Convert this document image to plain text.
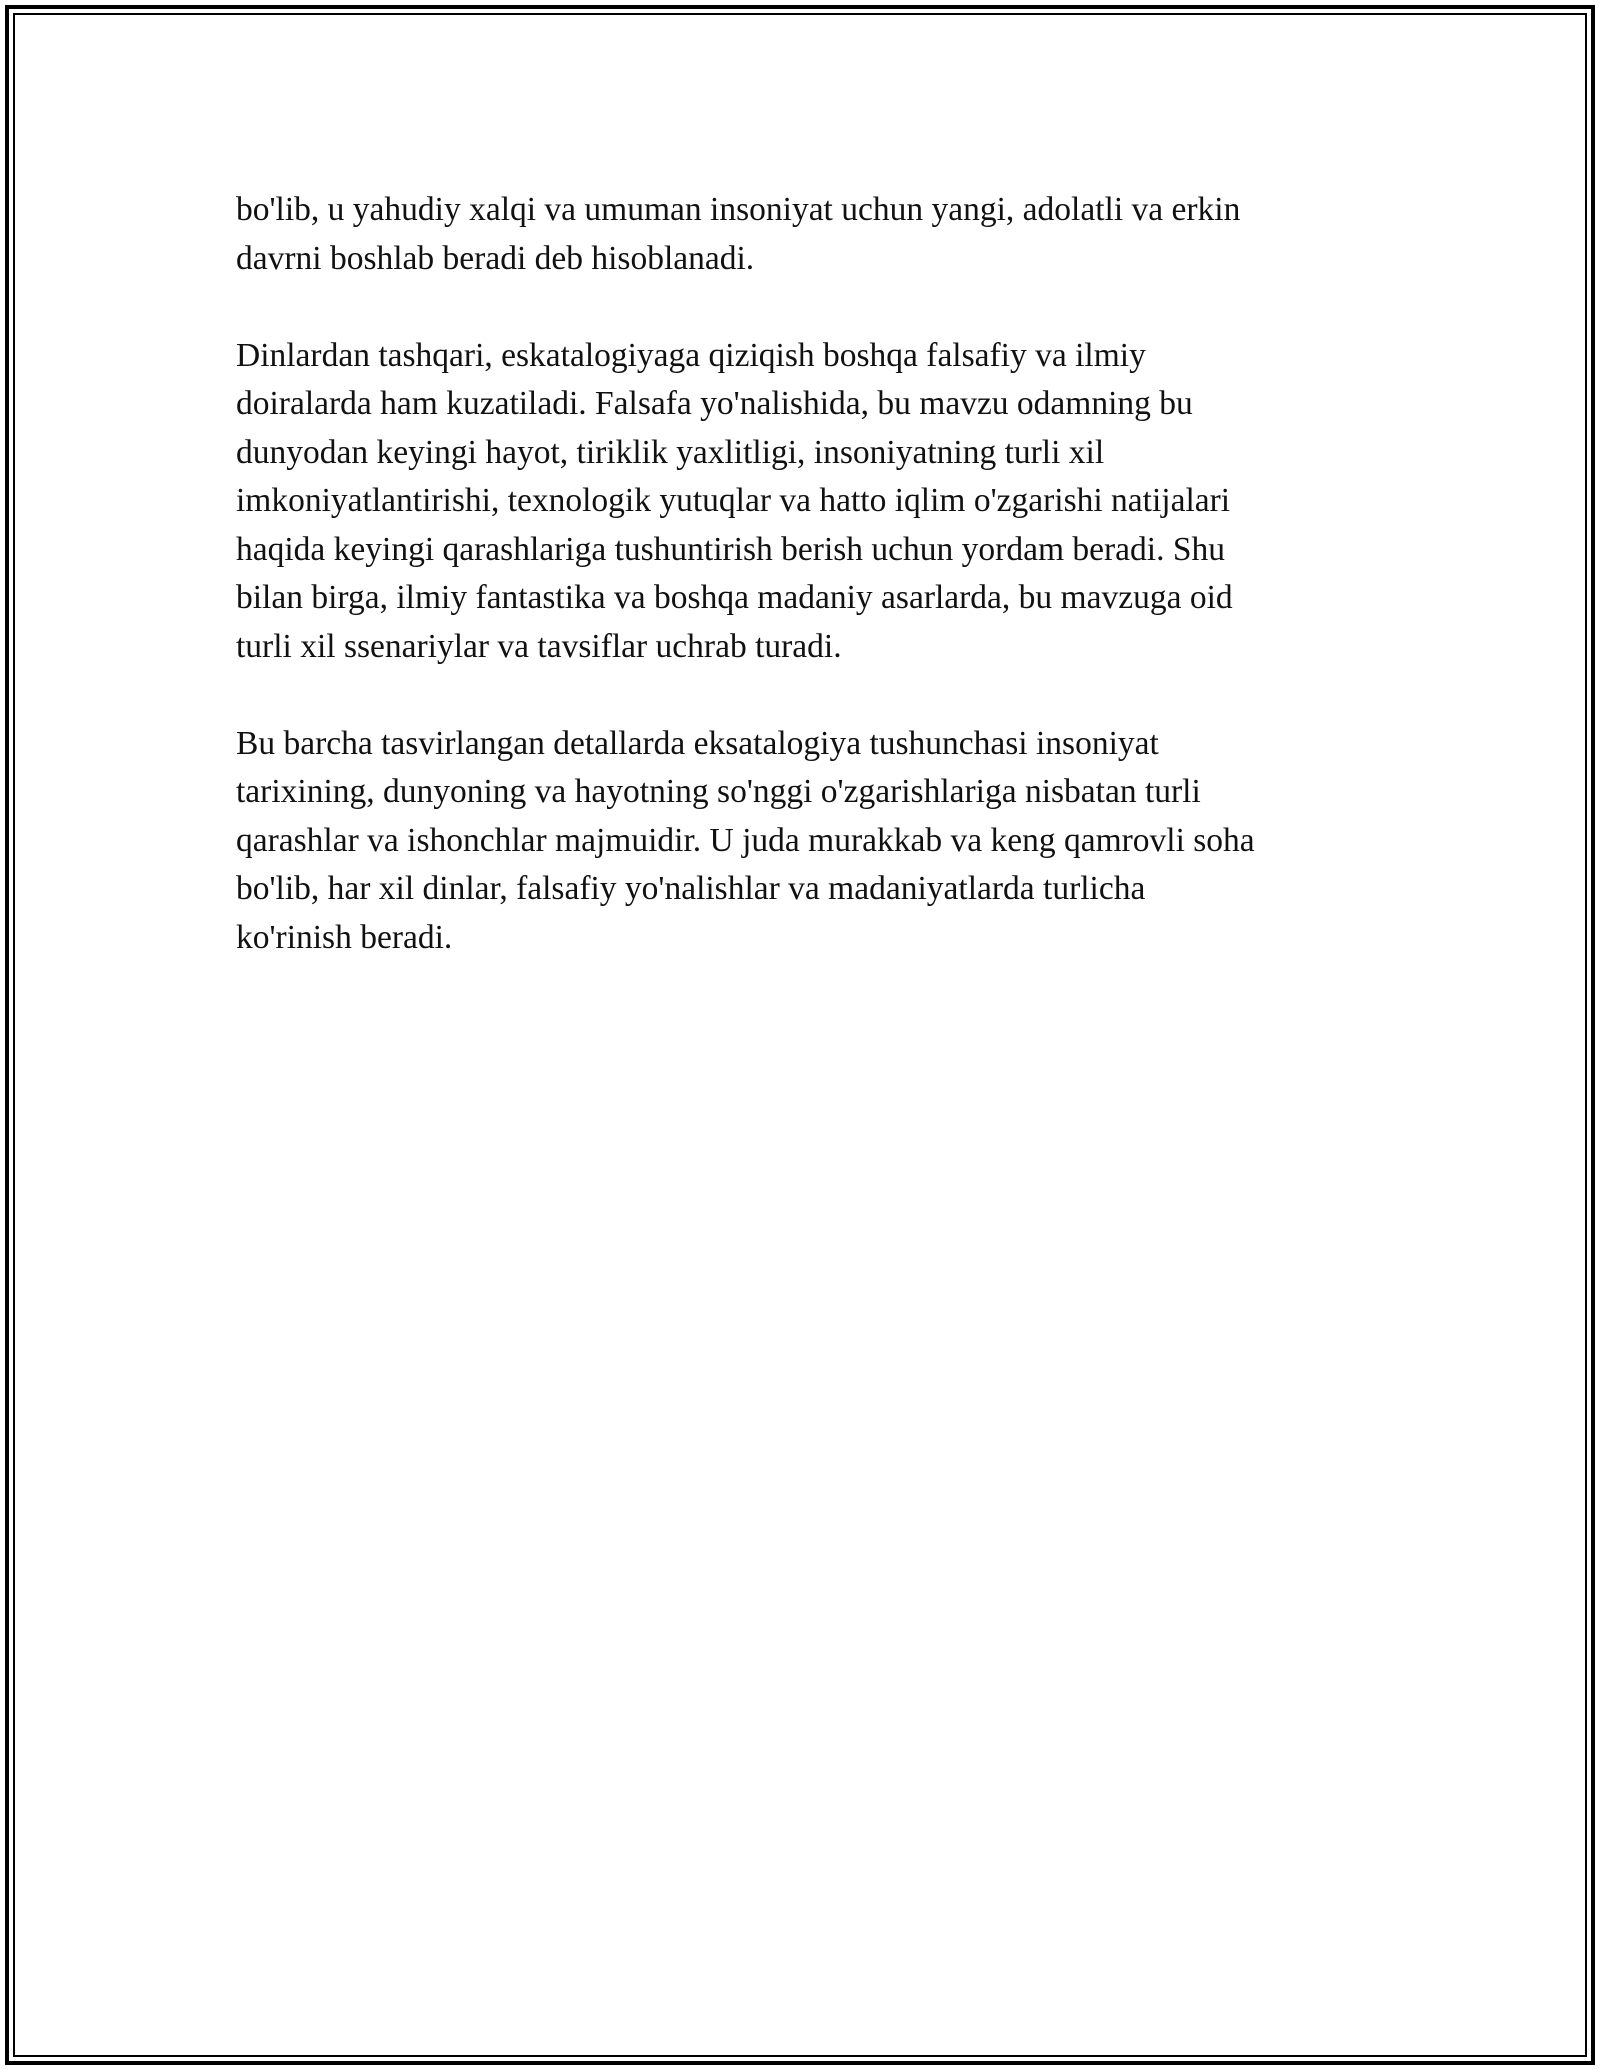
bo'lib, u yahudiy xalqi va umuman insoniyat uchun yangi, adolatli va erkin
davrni boshlab beradi deb hisoblanadi.

Dinlardan tashqari, eskatalogiyaga qiziqish boshqa falsafiy va ilmiy
doiralarda ham kuzatiladi. Falsafa yo'nalishida, bu mavzu odamning bu
dunyodan keyingi hayot, tiriklik yaxlitligi, insoniyatning turli xil
imkoniyatlantirishi, texnologik yutuqlar va hatto iqlim o'zgarishi natijalari
haqida keyingi qarashlariga tushuntirish berish uchun yordam beradi. Shu
bilan birga, ilmiy fantastika va boshqa madaniy asarlarda, bu mavzuga oid
turli xil ssenariylar va tavsiflar uchrab turadi.

Bu barcha tasvirlangan detallarda eksatalogiya tushunchasi insoniyat
tarixining, dunyoning va hayotning so'nggi o'zgarishlariga nisbatan turli
qarashlar va ishonchlar majmuidir. U juda murakkab va keng qamrovli soha
bo'lib, har xil dinlar, falsafiy yo'nalishlar va madaniyatlarda turlicha
ko'rinish beradi.
